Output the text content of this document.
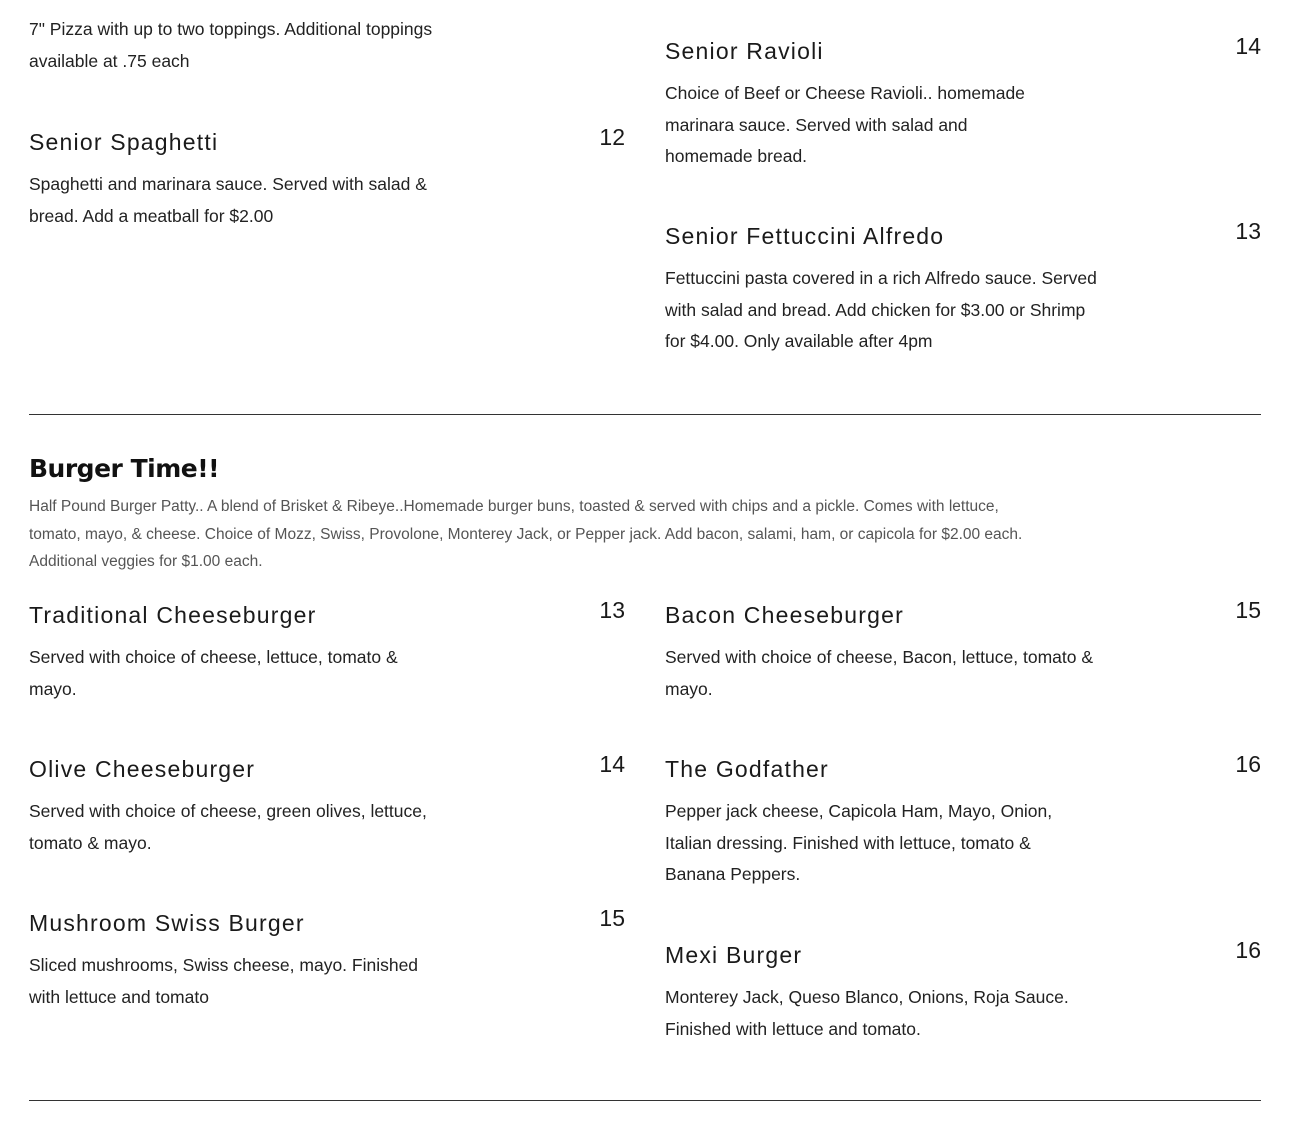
7" Pizza with up to two toppings. Additional toppings available at .75 each
Senior Spaghetti	12
Spaghetti and marinara sauce. Served with salad & bread. Add a meatball for $2.00
Senior Ravioli	14
Choice of Beef or Cheese Ravioli.. homemade marinara sauce. Served with salad and homemade bread.
Senior Fettuccini Alfredo	13
Fettuccini pasta covered in a rich Alfredo sauce. Served with salad and bread. Add chicken for $3.00 or Shrimp for $4.00. Only available after 4pm
Burger Time!!
Half Pound Burger Patty.. A blend of Brisket & Ribeye..Homemade burger buns, toasted & served with chips and a pickle. Comes with lettuce, tomato, mayo, & cheese. Choice of Mozz, Swiss, Provolone, Monterey Jack, or Pepper jack. Add bacon, salami, ham, or capicola for $2.00 each. Additional veggies for $1.00 each.
Traditional Cheeseburger	13
Served with choice of cheese, lettuce, tomato & mayo.
Bacon Cheeseburger	15
Served with choice of cheese, Bacon, lettuce, tomato & mayo.
Olive Cheeseburger	14
Served with choice of cheese, green olives, lettuce, tomato & mayo.
The Godfather	16
Pepper jack cheese, Capicola Ham, Mayo, Onion, Italian dressing. Finished with lettuce, tomato & Banana Peppers.
Mushroom Swiss Burger	15
Sliced mushrooms, Swiss cheese, mayo. Finished with lettuce and tomato
Mexi Burger	16
Monterey Jack, Queso Blanco, Onions, Roja Sauce. Finished with lettuce and tomato.
